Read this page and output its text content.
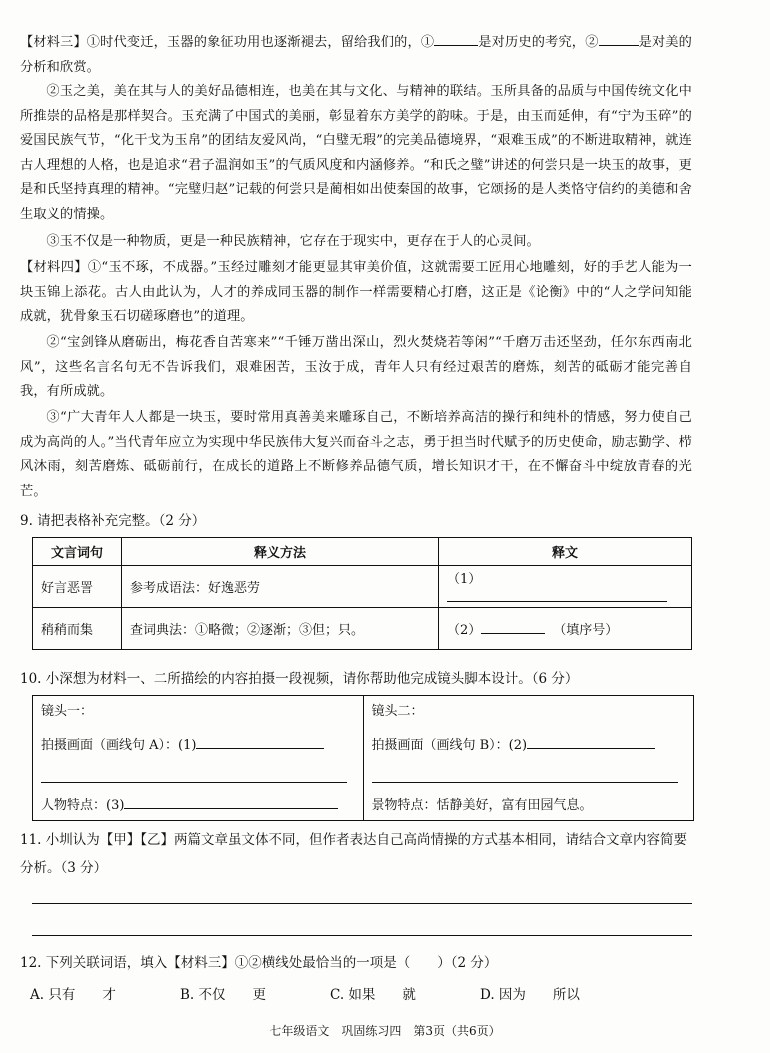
【材料三】①时代变迁，玉器的象征功用也逐渐褪去，留给我们的，①	是对历史的考究，②	是对美的分析和欣赏。

②玉之美，美在其与人的美好品德相连，也美在其与文化、与精神的联结。玉所具备的品质与中国传统文化中所推崇的品格是那样契合。玉充满了中国式的美丽，彰显着东方美学的韵味。于是，由玉而延伸，有“宁为玉碎”的爱国民族气节，“化干戈为玉帛”的团结友爱风尚，“白璧无瑕”的完美品德境界，“艰难玉成”的不断进取精神，就连古人理想的人格，也是追求“君子温润如玉”的气质风度和内涵修养。“和氏之璧”讲述的何尝只是一块玉的故事，更是和氏坚持真理的精神。“完璧归赵”记载的何尝只是蔺相如出使秦国的故事，它颂扬的是人类恪守信约的美德和舍生取义的情操。

③玉不仅是一种物质，更是一种民族精神，它存在于现实中，更存在于人的心灵间。

【材料四】①“玉不琢，不成器。”玉经过雕刻才能更显其审美价值，这就需要工匠用心地雕刻，好的手艺人能为一块玉锦上添花。古人由此认为，人才的养成同玉器的制作一样需要精心打磨，这正是《论衡》中的“人之学问知能成就，犹骨象玉石切磋琢磨也”的道理。

②“宝剑锋从磨砺出，梅花香自苦寒来”“千锤万凿出深山，烈火焚烧若等闲”“千磨万击还坚劲，任尔东西南北风”，这些名言名句无不告诉我们，艰难困苦，玉汝于成，青年人只有经过艰苦的磨炼，刻苦的砥砺才能完善自我，有所成就。

③“广大青年人人都是一块玉，要时常用真善美来雕琢自己，不断培养高洁的操行和纯朴的情感，努力使自己成为高尚的人。”当代青年应立为实现中华民族伟大复兴而奋斗之志，勇于担当时代赋予的历史使命，励志勤学、栉风沐雨，刻苦磨炼、砥砺前行，在成长的道路上不断修养品德气质，增长知识才干，在不懈奋斗中绽放青春的光芒。

9. 请把表格补充完整。（2 分）

文言词句	释义方法	释文
好言恶詈	参考成语法：好逸恶劳	（1）
稍稍而集	查词典法：①略微；②逐渐；③但；只。	（2） （填序号）

10. 小深想为材料一、二所描绘的内容拍摄一段视频，请你帮助他完成镜头脚本设计。（6 分）

镜头一：
拍摄画面（画线句 A）：(1)
人物特点：(3)
镜头二：
拍摄画面（画线句 B）：(2)
景物特点：恬静美好，富有田园气息。

11. 小圳认为【甲】【乙】两篇文章虽文体不同，但作者表达自己高尚情操的方式基本相同，请结合文章内容简要分析。（3 分）

12. 下列关联词语，填入【材料三】①②横线处最恰当的一项是（　　）（2 分）

A. 只有　　才	B. 不仅　　更	C. 如果　　就	D. 因为　　所以
七年级语文　巩固练习四　第3页（共6页）
